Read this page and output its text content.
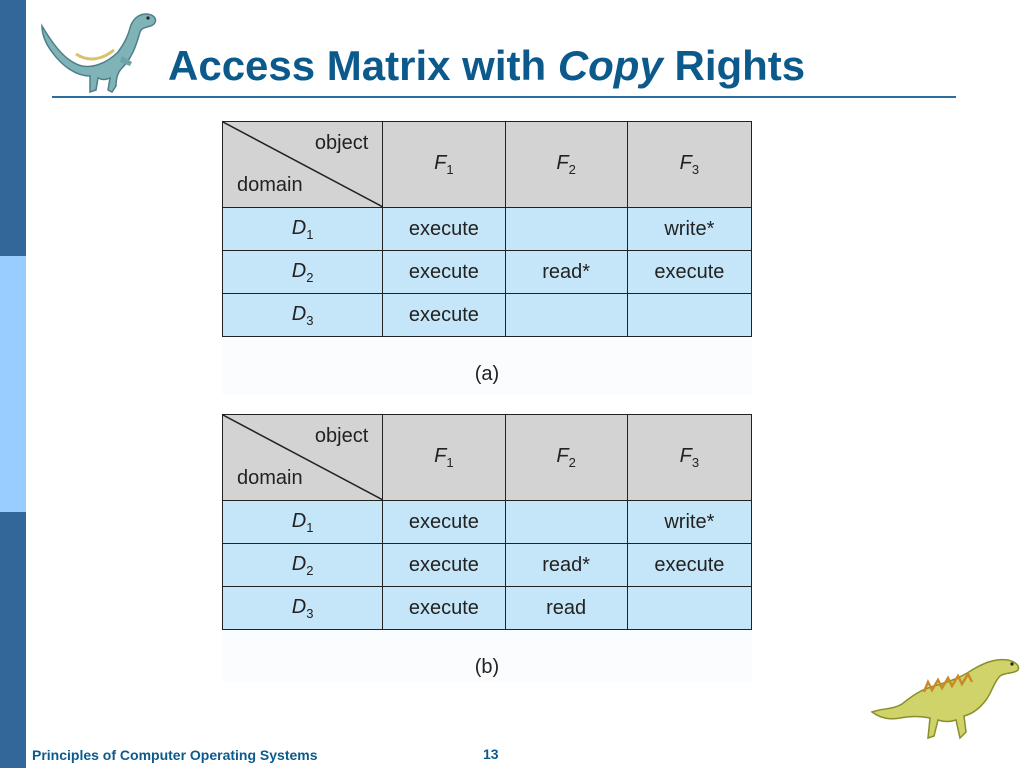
Access Matrix with Copy Rights
object
domain	$F_1$	$F_2$	$F_3$
$D_1$	execute		write*
$D_2$	execute	read*	execute
$D_3$	execute		
(a)
object
domain	$F_1$	$F_2$	$F_3$
$D_1$	execute		write*
$D_2$	execute	read*	execute
$D_3$	execute	read	
(b)
Principles of Computer Operating Systems	13
